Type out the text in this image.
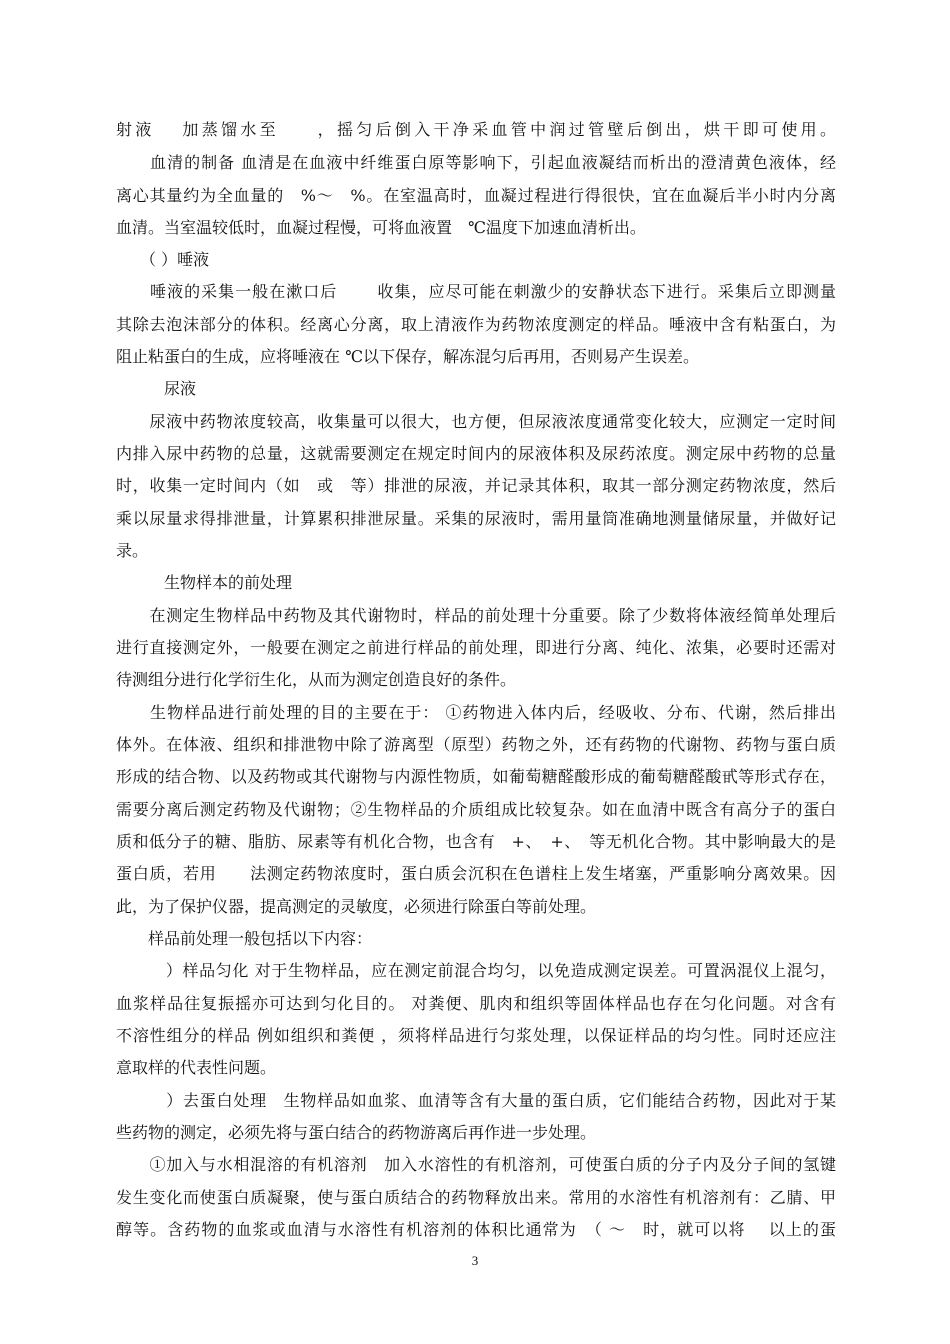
射液　 加蒸馏水至　　，摇匀后倒入干净采血管中润过管壁后倒出，烘干即可使用。
　　血清的制备 血清是在血液中纤维蛋白原等影响下，引起血液凝结而析出的澄清黄色液体，经
离心其量约为全血量的　%～　%。在室温高时，血凝过程进行得很快，宜在血凝后半小时内分离
血清。当室温较低时，血凝过程慢，可将血液置　℃温度下加速血清析出。
　　（ ）唾液
　　唾液的采集一般在漱口后　　 收集，应尽可能在刺激少的安静状态下进行。采集后立即测量
其除去泡沫部分的体积。经离心分离，取上清液作为药物浓度测定的样品。唾液中含有粘蛋白，为
阻止粘蛋白的生成，应将唾液在 ℃以下保存，解冻混匀后再用，否则易产生误差。
　　　尿液
　　尿液中药物浓度较高，收集量可以很大，也方便，但尿液浓度通常变化较大，应测定一定时间
内排入尿中药物的总量，这就需要测定在规定时间内的尿液体积及尿药浓度。测定尿中药物的总量
时，收集一定时间内（如　或　等）排泄的尿液，并记录其体积，取其一部分测定药物浓度，然后
乘以尿量求得排泄量，计算累积排泄尿量。采集的尿液时，需用量筒准确地测量储尿量，并做好记
录。
　　　生物样本的前处理
　　在测定生物样品中药物及其代谢物时，样品的前处理十分重要。除了少数将体液经简单处理后
进行直接测定外，一般要在测定之前进行样品的前处理，即进行分离、纯化、浓集，必要时还需对
待测组分进行化学衍生化，从而为测定创造良好的条件。
　　生物样品进行前处理的目的主要在于： ①药物进入体内后，经吸收、分布、代谢，然后排出
体外。在体液、组织和排泄物中除了游离型（原型）药物之外，还有药物的代谢物、药物与蛋白质
形成的结合物、以及药物或其代谢物与内源性物质，如葡萄糖醛酸形成的葡萄糖醛酸甙等形式存在，
需要分离后测定药物及代谢物；②生物样品的介质组成比较复杂。如在血清中既含有高分子的蛋白
质和低分子的糖、脂肪、尿素等有机化合物，也含有　+、　+、　等无机化合物。其中影响最大的是
蛋白质，若用　　法测定药物浓度时，蛋白质会沉积在色谱柱上发生堵塞，严重影响分离效果。因
此，为了保护仪器，提高测定的灵敏度，必须进行除蛋白等前处理。
　　样品前处理一般包括以下内容：
　　　）样品匀化 对于生物样品，应在测定前混合均匀，以免造成测定误差。可置涡混仪上混匀，
血浆样品往复振摇亦可达到匀化目的。 对粪便、肌肉和组织等固体样品也存在匀化问题。对含有
不溶性组分的样品 例如组织和粪便 ，须将样品进行匀浆处理，以保证样品的均匀性。同时还应注
意取样的代表性问题。
　　　）去蛋白处理　生物样品如血浆、血清等含有大量的蛋白质，它们能结合药物，因此对于某
些药物的测定，必须先将与蛋白结合的药物游离后再作进一步处理。
　　①加入与水相混溶的有机溶剂　加入水溶性的有机溶剂，可使蛋白质的分子内及分子间的氢键
发生变化而使蛋白质凝聚，使与蛋白质结合的药物释放出来。常用的水溶性有机溶剂有：乙腈、甲
醇等。含药物的血浆或血清与水溶性有机溶剂的体积比通常为　（ ～　时，就可以将　 以上的蛋
3
